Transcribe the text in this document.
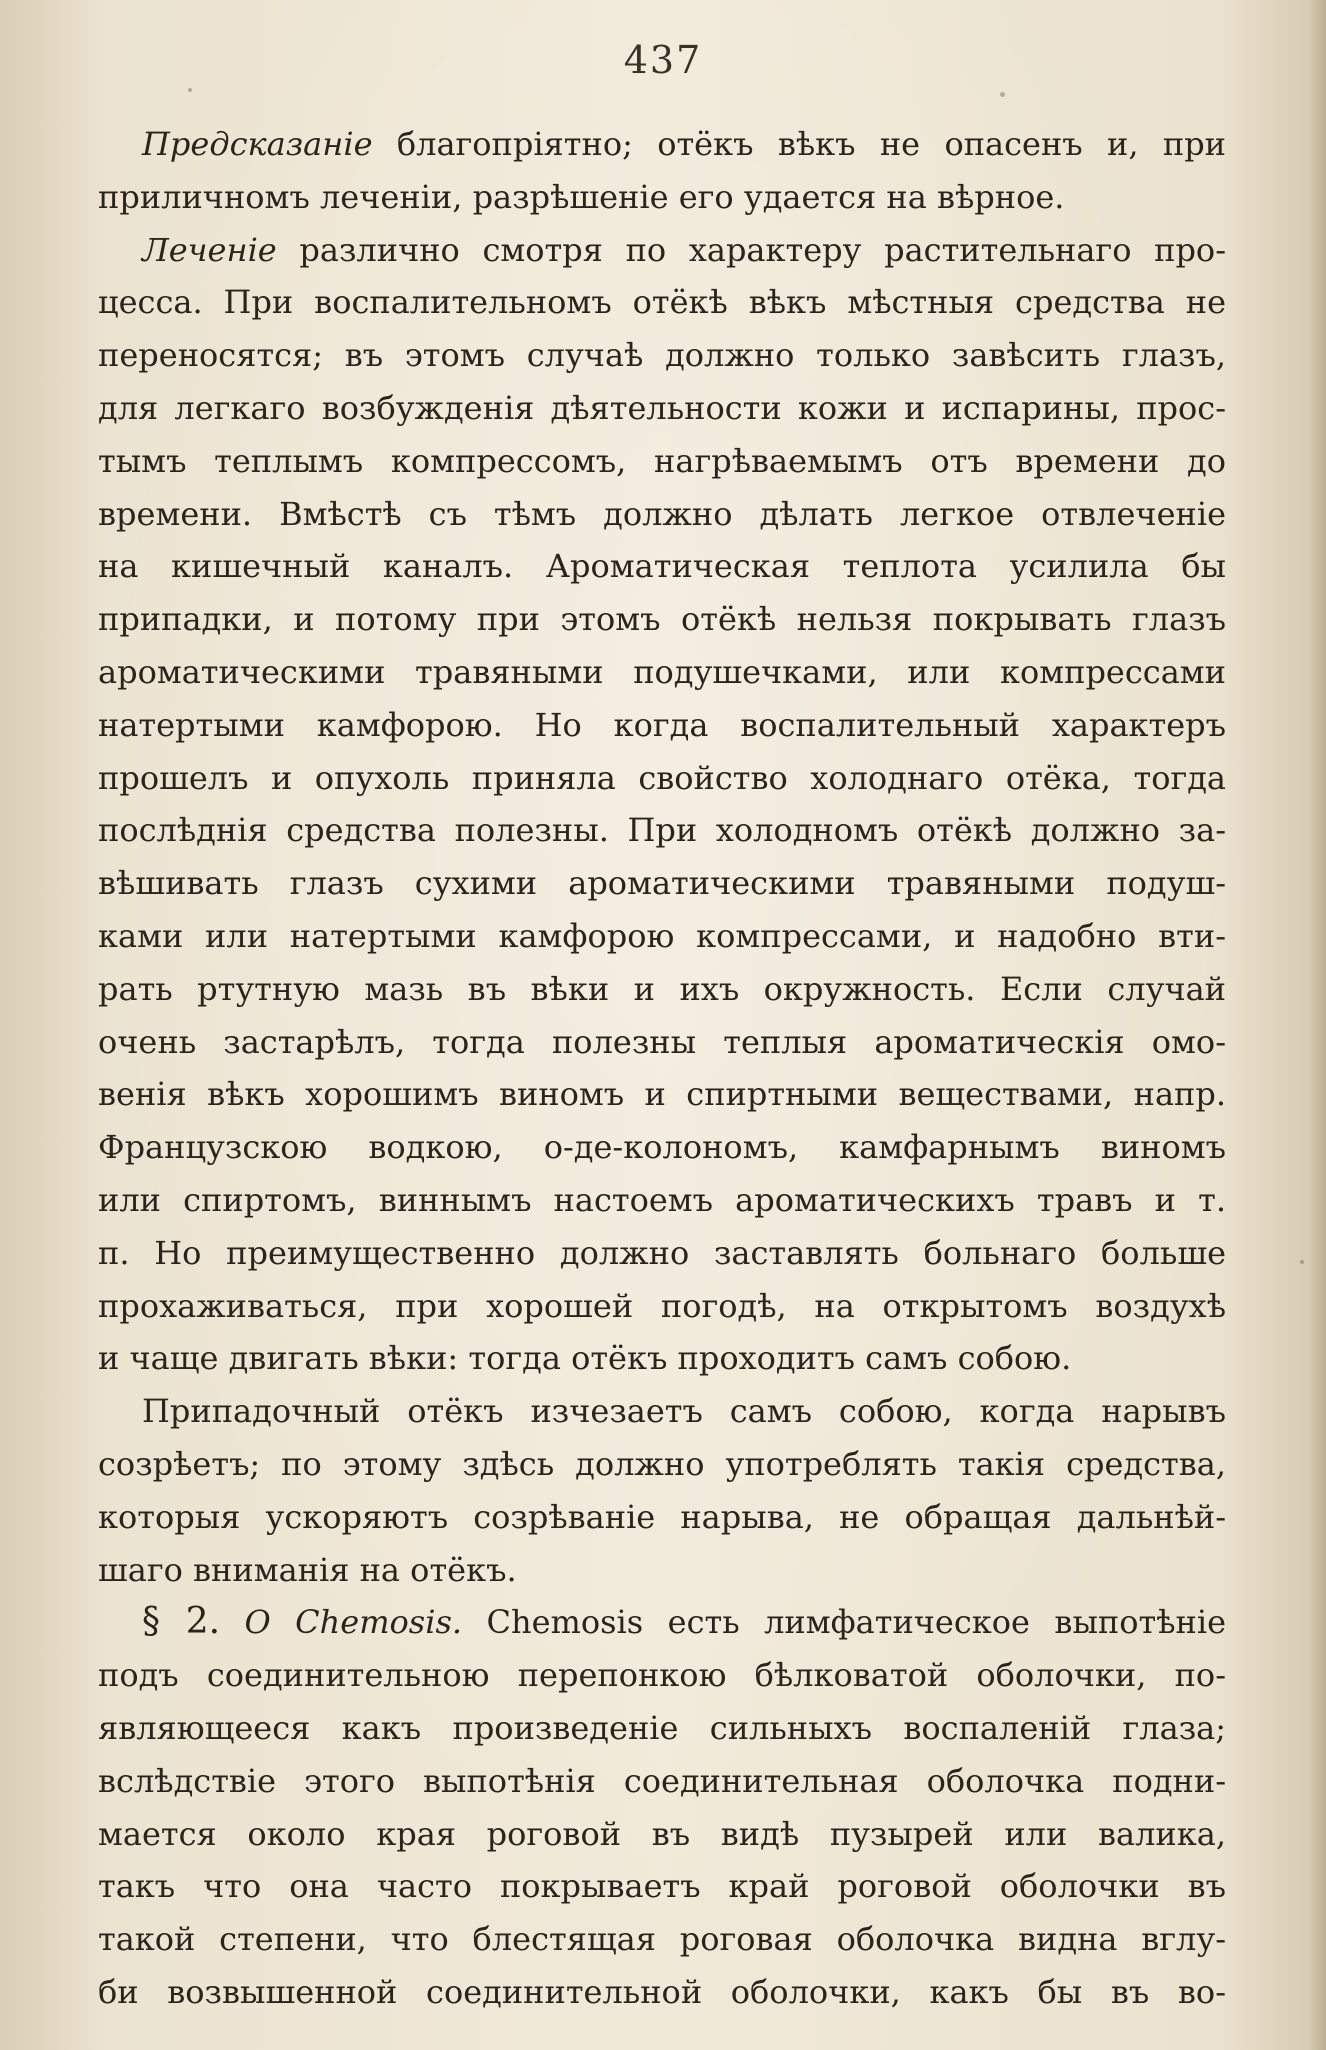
437
Предсказаніе благопріятно; отёкъ вѣкъ не опасенъ и, при
приличномъ леченіи, разрѣшеніе его удается на вѣрное.
Леченіе различно смотря по характеру растительнаго про-
цесса. При воспалительномъ отёкѣ вѣкъ мѣстныя средства не
переносятся; въ этомъ случаѣ должно только завѣсить глазъ,
для легкаго возбужденія дѣятельности кожи и испарины, прос-
тымъ теплымъ компрессомъ, нагрѣваемымъ отъ времени до
времени. Вмѣстѣ съ тѣмъ должно дѣлать легкое отвлеченіе
на кишечный каналъ. Ароматическая теплота усилила бы
припадки, и потому при этомъ отёкѣ нельзя покрывать глазъ
ароматическими травяными подушечками, или компрессами
натертыми камфорою. Но когда воспалительный характеръ
прошелъ и опухоль приняла свойство холоднаго отёка, тогда
послѣднія средства полезны. При холодномъ отёкѣ должно за-
вѣшивать глазъ сухими ароматическими травяными подуш-
ками или натертыми камфорою компрессами, и надобно вти-
рать ртутную мазь въ вѣки и ихъ окружность. Если случай
очень застарѣлъ, тогда полезны теплыя ароматическія омо-
венія вѣкъ хорошимъ виномъ и спиртными веществами, напр.
Французскою водкою, о-де-колономъ, камфарнымъ виномъ
или спиртомъ, виннымъ настоемъ ароматическихъ травъ и т.
п. Но преимущественно должно заставлять больнаго больше
прохаживаться, при хорошей погодѣ, на открытомъ воздухѣ
и чаще двигать вѣки: тогда отёкъ проходитъ самъ собою.
Припадочный отёкъ изчезаетъ самъ собою, когда нарывъ
созрѣетъ; по этому здѣсь должно употреблять такія средства,
которыя ускоряютъ созрѣваніе нарыва, не обращая дальнѣй-
шаго вниманія на отёкъ.
§ 2. О Chemosis. Chemosis есть лимфатическое выпотѣніе
подъ соединительною перепонкою бѣлковатой оболочки, по-
являющееся какъ произведеніе сильныхъ воспаленій глаза;
вслѣдствіе этого выпотѣнія соединительная оболочка подни-
мается около края роговой въ видѣ пузырей или валика,
такъ что она часто покрываетъ край роговой оболочки въ
такой степени, что блестящая роговая оболочка видна вглу-
би возвышенной соединительной оболочки, какъ бы въ во-
